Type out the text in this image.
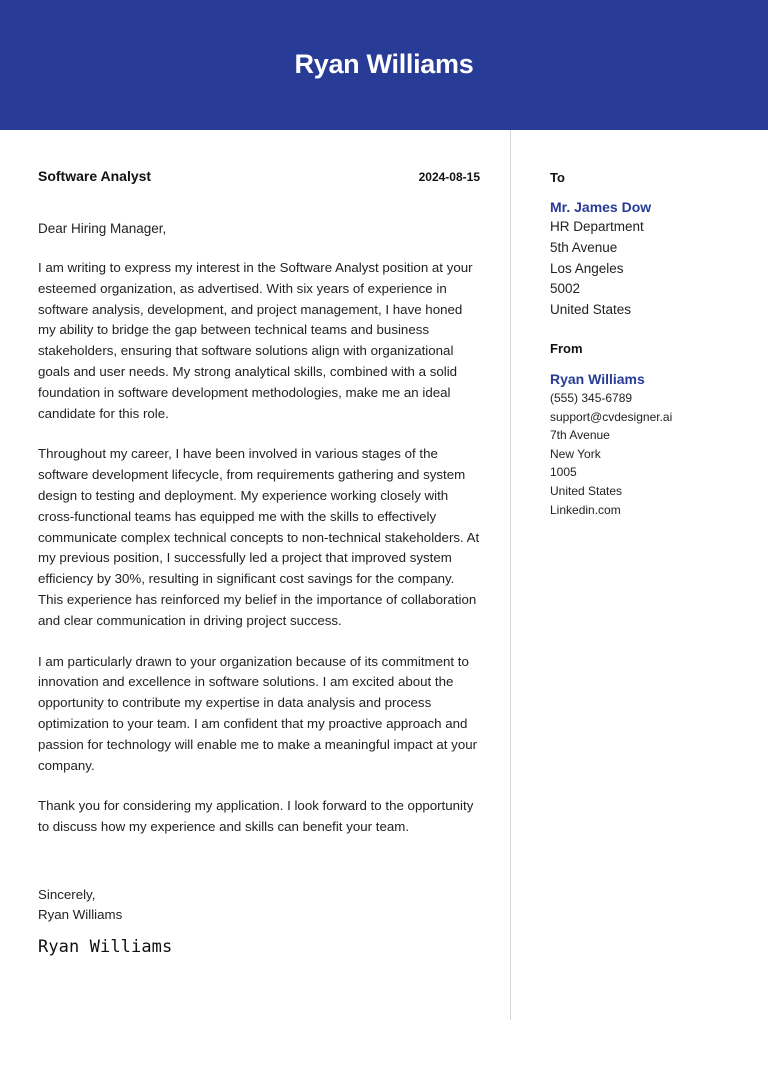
Ryan Williams
Software Analyst	2024-08-15

Dear Hiring Manager,

I am writing to express my interest in the Software Analyst position at your esteemed organization, as advertised. With six years of experience in software analysis, development, and project management, I have honed my ability to bridge the gap between technical teams and business stakeholders, ensuring that software solutions align with organizational goals and user needs. My strong analytical skills, combined with a solid foundation in software development methodologies, make me an ideal candidate for this role.

Throughout my career, I have been involved in various stages of the software development lifecycle, from requirements gathering and system design to testing and deployment. My experience working closely with cross-functional teams has equipped me with the skills to effectively communicate complex technical concepts to non-technical stakeholders. At my previous position, I successfully led a project that improved system efficiency by 30%, resulting in significant cost savings for the company. This experience has reinforced my belief in the importance of collaboration and clear communication in driving project success.

I am particularly drawn to your organization because of its commitment to innovation and excellence in software solutions. I am excited about the opportunity to contribute my expertise in data analysis and process optimization to your team. I am confident that my proactive approach and passion for technology will enable me to make a meaningful impact at your company.

Thank you for considering my application. I look forward to the opportunity to discuss how my experience and skills can benefit your team.

Sincerely,
Ryan Williams
Ryan Williams
To
Mr. James Dow
HR Department
5th Avenue
Los Angeles
5002
United States
From
Ryan Williams
(555) 345-6789
support@cvdesigner.ai
7th Avenue
New York
1005
United States
Linkedin.com
